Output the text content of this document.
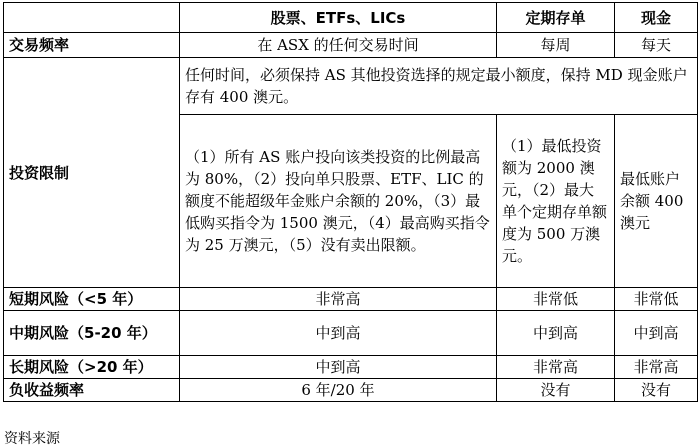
	股票、ETFs、LICs	定期存单	现金
交易频率	在 ASX 的任何交易时间	每周	每天
投资限制	任何时间，必须保持 AS 其他投资选择的规定最小额度，保持 MD 现金账户存有 400 澳元。		
	（1）所有 AS 账户投向该类投资的比例最高为 80%，（2）投向单只股票、ETF、LIC 的额度不能超级年金账户余额的 20%，（3）最低购买指令为 1500 澳元，（4）最高购买指令为 25 万澳元，（5）没有卖出限额。	（1）最低投资额为 2000 澳元，（2）最大单个定期存单额度为 500 万澳元。	最低账户余额 400 澳元
短期风险（<5 年）	非常高	非常低	非常低
中期风险（5-20 年）	中到高	中到高	中到高
长期风险（>20 年）	中到高	非常高	非常高
负收益频率	6 年/20 年	没有	没有
资料来源
